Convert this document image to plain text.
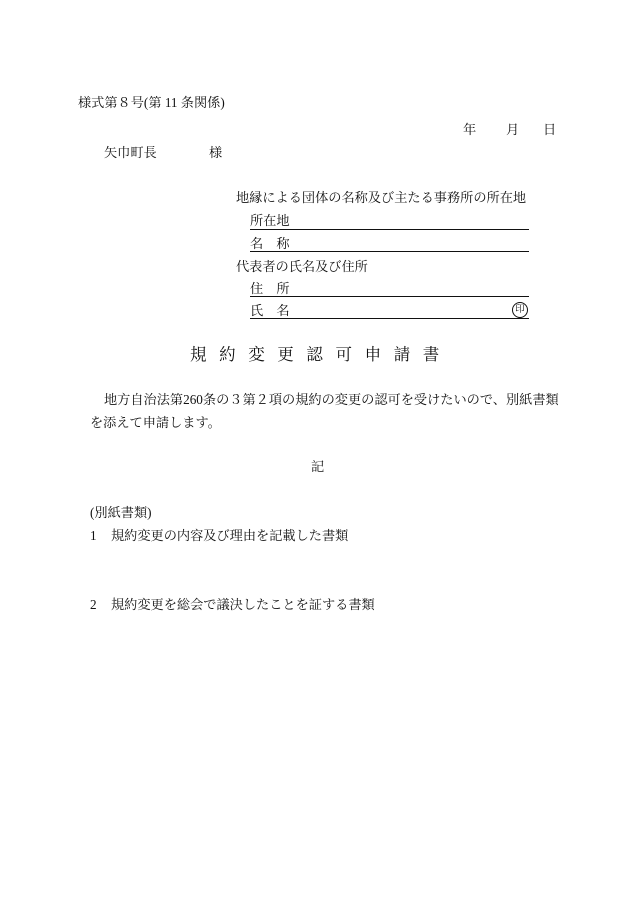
様式第８号(第 11 条関係)
年 月 日
矢巾町長	様
地縁による団体の名称及び主たる事務所の所在地
所在地
名　称
代表者の氏名及び住所
住　所
氏　名	印
規約変更認可申請書
地方自治法第260条の３第２項の規約の変更の認可を受けたいので、別紙書類
を添えて申請します。
記
(別紙書類)
1 規約変更の内容及び理由を記載した書類
2 規約変更を総会で議決したことを証する書類
